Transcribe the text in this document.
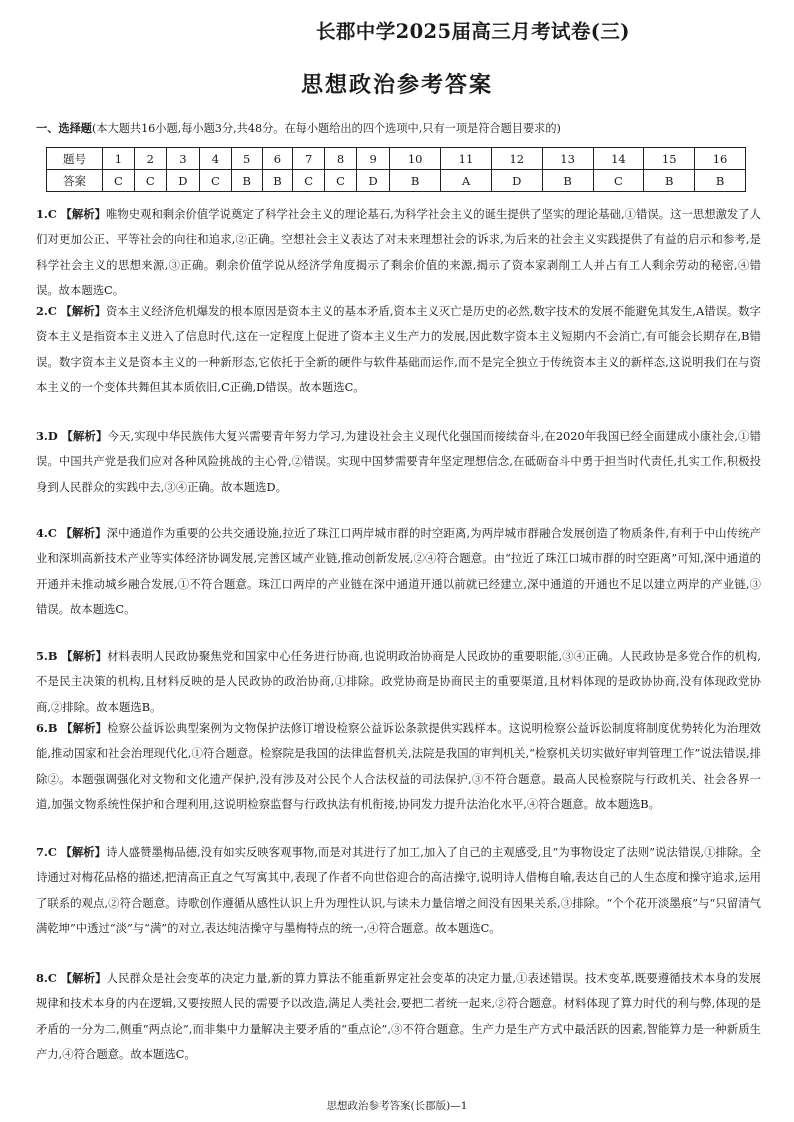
长郡中学2025届高三月考试卷(三)
思想政治参考答案
一、选择题(本大题共16小题,每小题3分,共48分。在每小题给出的四个选项中,只有一项是符合题目要求的)
题号	1	2	3	4	5	6	7	8	9	10	11	12	13	14	15	16
答案	C	C	D	C	B	B	C	C	D	B	A	D	B	C	B	B
1.C 【解析】唯物史观和剩余价值学说奠定了科学社会主义的理论基石,为科学社会主义的诞生提供了坚实的理论基础,①错误。这一思想激发了人们对更加公正、平等社会的向往和追求,②正确。空想社会主义表达了对未来理想社会的诉求,为后来的社会主义实践提供了有益的启示和参考,是科学社会主义的思想来源,③正确。剩余价值学说从经济学角度揭示了剩余价值的来源,揭示了资本家剥削工人并占有工人剩余劳动的秘密,④错误。故本题选C。
2.C 【解析】资本主义经济危机爆发的根本原因是资本主义的基本矛盾,资本主义灭亡是历史的必然,数字技术的发展不能避免其发生,A错误。数字资本主义是指资本主义进入了信息时代,这在一定程度上促进了资本主义生产力的发展,因此数字资本主义短期内不会消亡,有可能会长期存在,B错误。数字资本主义是资本主义的一种新形态,它依托于全新的硬件与软件基础而运作,而不是完全独立于传统资本主义的新样态,这说明我们在与资本主义的一个变体共舞但其本质依旧,C正确,D错误。故本题选C。
3.D 【解析】今天,实现中华民族伟大复兴需要青年努力学习,为建设社会主义现代化强国而接续奋斗,在2020年我国已经全面建成小康社会,①错误。中国共产党是我们应对各种风险挑战的主心骨,②错误。实现中国梦需要青年坚定理想信念,在砥砺奋斗中勇于担当时代责任,扎实工作,积极投身到人民群众的实践中去,③④正确。故本题选D。
4.C 【解析】深中通道作为重要的公共交通设施,拉近了珠江口两岸城市群的时空距离,为两岸城市群融合发展创造了物质条件,有利于中山传统产业和深圳高新技术产业等实体经济协调发展,完善区域产业链,推动创新发展,②④符合题意。由“拉近了珠江口城市群的时空距离”可知,深中通道的开通并未推动城乡融合发展,①不符合题意。珠江口两岸的产业链在深中通道开通以前就已经建立,深中通道的开通也不足以建立两岸的产业链,③错误。故本题选C。
5.B 【解析】材料表明人民政协聚焦党和国家中心任务进行协商,也说明政治协商是人民政协的重要职能,③④正确。人民政协是多党合作的机构,不是民主决策的机构,且材料反映的是人民政协的政治协商,①排除。政党协商是协商民主的重要渠道,且材料体现的是政协协商,没有体现政党协商,②排除。故本题选B。
6.B 【解析】检察公益诉讼典型案例为文物保护法修订增设检察公益诉讼条款提供实践样本。这说明检察公益诉讼制度将制度优势转化为治理效能,推动国家和社会治理现代化,①符合题意。检察院是我国的法律监督机关,法院是我国的审判机关,“检察机关切实做好审判管理工作”说法错误,排除②。本题强调强化对文物和文化遗产保护,没有涉及对公民个人合法权益的司法保护,③不符合题意。最高人民检察院与行政机关、社会各界一道,加强文物系统性保护和合理利用,这说明检察监督与行政执法有机衔接,协同发力提升法治化水平,④符合题意。故本题选B。
7.C 【解析】诗人盛赞墨梅品德,没有如实反映客观事物,而是对其进行了加工,加入了自己的主观感受,且“为事物设定了法则”说法错误,①排除。全诗通过对梅花品格的描述,把清高正直之气写寓其中,表现了作者不向世俗迎合的高洁操守,说明诗人借梅自喻,表达自己的人生态度和操守追求,运用了联系的观点,②符合题意。诗歌创作遵循从感性认识上升为理性认识,与读未力量信增之间没有因果关系,③排除。“个个花开淡墨痕”与“只留清气满乾坤”中透过“淡”与“满”的对立,表达纯洁操守与墨梅特点的统一,④符合题意。故本题选C。
8.C 【解析】人民群众是社会变革的决定力量,新的算力算法不能重新界定社会变革的决定力量,①表述错误。技术变革,既要遵循技术本身的发展规律和技术本身的内在逻辑,又要按照人民的需要予以改造,满足人类社会,要把二者统一起来,②符合题意。材料体现了算力时代的利与弊,体现的是矛盾的一分为二,侧重“两点论”,而非集中力量解决主要矛盾的“重点论”,③不符合题意。生产力是生产方式中最活跃的因素,智能算力是一种新质生产力,④符合题意。故本题选C。
思想政治参考答案(长郡版)—1
